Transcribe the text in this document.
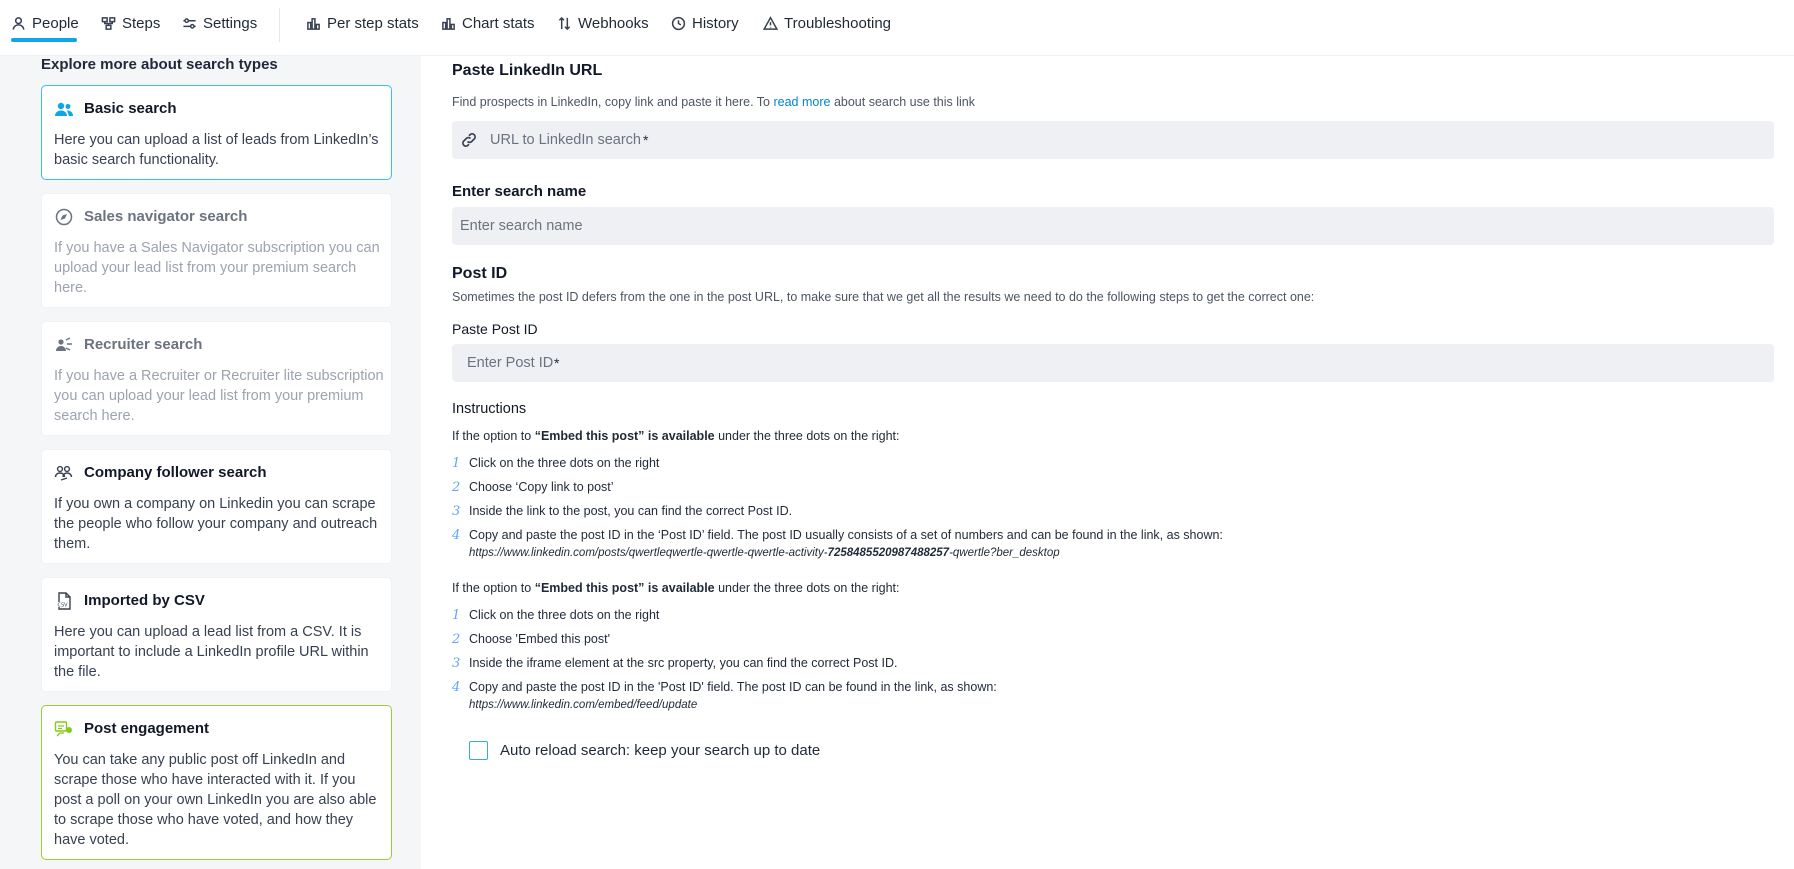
People	Steps	Settings	Per step stats	Chart stats	Webhooks	History	Troubleshooting
Explore more about search types
Basic search
Here you can upload a list of leads from LinkedIn’s basic search functionality.
Sales navigator search
If you have a Sales Navigator subscription you can upload your lead list from your premium search here.
Recruiter search
If you have a Recruiter or Recruiter lite subscription you can upload your lead list from your premium search here.
Company follower search
If you own a company on Linkedin you can scrape the people who follow your company and outreach them.
CSV Imported by CSV
Here you can upload a lead list from a CSV. It is important to include a LinkedIn profile URL within the file.
Post engagement
You can take any public post off LinkedIn and scrape those who have interacted with it. If you post a poll on your own LinkedIn you are also able to scrape those who have voted, and how they have voted.
Paste LinkedIn URL
Find prospects in LinkedIn, copy link and paste it here. To read more about search use this link
URL to LinkedIn search
*
Enter search name
Enter search name
Post ID
Sometimes the post ID defers from the one in the post URL, to make sure that we get all the results we need to do the following steps to get the correct one:
Paste Post ID
Enter Post ID
*
Instructions
If the option to “Embed this post” is available under the three dots on the right:
1 Click on the three dots on the right
2 Choose ‘Copy link to post’
3 Inside the link to the post, you can find the correct Post ID.
4 Copy and paste the post ID in the ‘Post ID’ field. The post ID usually consists of a set of numbers and can be found in the link, as shown:
https://www.linkedin.com/posts/qwertleqwertle-qwertle-qwertle-activity-7258485520987488257-qwertle?ber_desktop
If the option to “Embed this post” is available under the three dots on the right:
1 Click on the three dots on the right
2 Choose 'Embed this post'
3 Inside the iframe element at the src property, you can find the correct Post ID.
4 Copy and paste the post ID in the 'Post ID' field. The post ID can be found in the link, as shown:
https://www.linkedin.com/embed/feed/update
Auto reload search: keep your search up to date
